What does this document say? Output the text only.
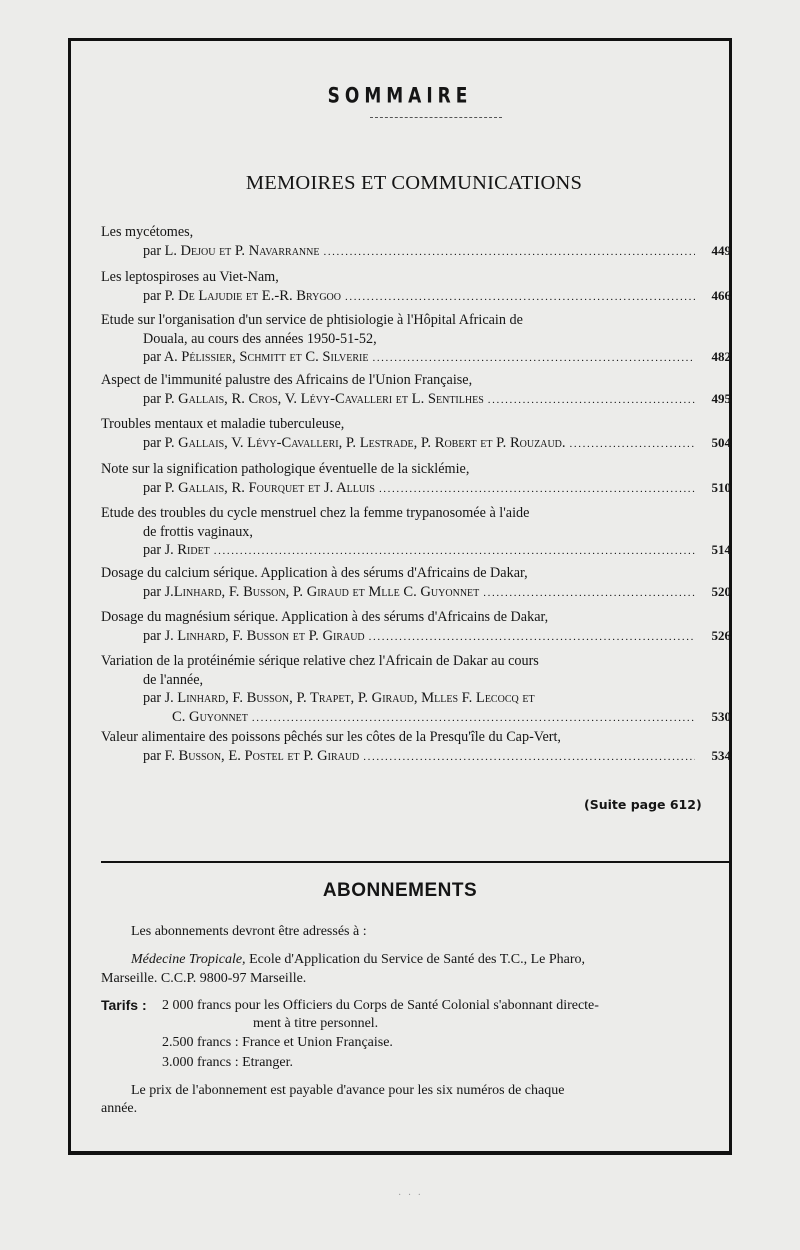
SOMMAIRE
MEMOIRES ET COMMUNICATIONS
Les mycétomes,
par L. Dejou et P. Navarranne .....	449
Les leptospiroses au Viet-Nam,
par P. De Lajudie et E.-R. Brygoo .....	466
Etude sur l'organisation d'un service de phtisiologie à l'Hôpital Africain de
Douala, au cours des années 1950-51-52,
par A. Pélissier, Schmitt et C. Silverie .....	482
Aspect de l'immunité palustre des Africains de l'Union Française,
par P. Gallais, R. Cros, V. Lévy-Cavalleri et L. Sentilhes .....	495
Troubles mentaux et maladie tuberculeuse,
par P. Gallais, V. Lévy-Cavalleri, P. Lestrade, P. Robert et P. Rouzaud. .....	504
Note sur la signification pathologique éventuelle de la sicklémie,
par P. Gallais, R. Fourquet et J. Alluis .....	510
Etude des troubles du cycle menstruel chez la femme trypanosomée à l'aide
de frottis vaginaux,
par J. Ridet .....	514
Dosage du calcium sérique. Application à des sérums d'Africains de Dakar,
par J.Linhard, F. Busson, P. Giraud et Mlle C. Guyonnet .....	520
Dosage du magnésium sérique. Application à des sérums d'Africains de Dakar,
par J. Linhard, F. Busson et P. Giraud .....	526
Variation de la protéinémie sérique relative chez l'Africain de Dakar au cours
de l'année,
par J. Linhard, F. Busson, P. Trapet, P. Giraud, Mlles F. Lecocq et
C. Guyonnet .....	530
Valeur alimentaire des poissons pêchés sur les côtes de la Presqu'île du Cap-Vert,
par F. Busson, E. Postel et P. Giraud .....	534
(Suite page 612)
ABONNEMENTS
Les abonnements devront être adressés à :
Médecine Tropicale, Ecole d'Application du Service de Santé des T.C., Le Pharo,
Marseille. C.C.P. 9800-97 Marseille.
Tarifs : 2 000 francs pour les Officiers du Corps de Santé Colonial s'abonnant directe-
ment à titre personnel.
2.500 francs : France et Union Française.
3.000 francs : Etranger.
Le prix de l'abonnement est payable d'avance pour les six numéros de chaque
année.
· · ·
